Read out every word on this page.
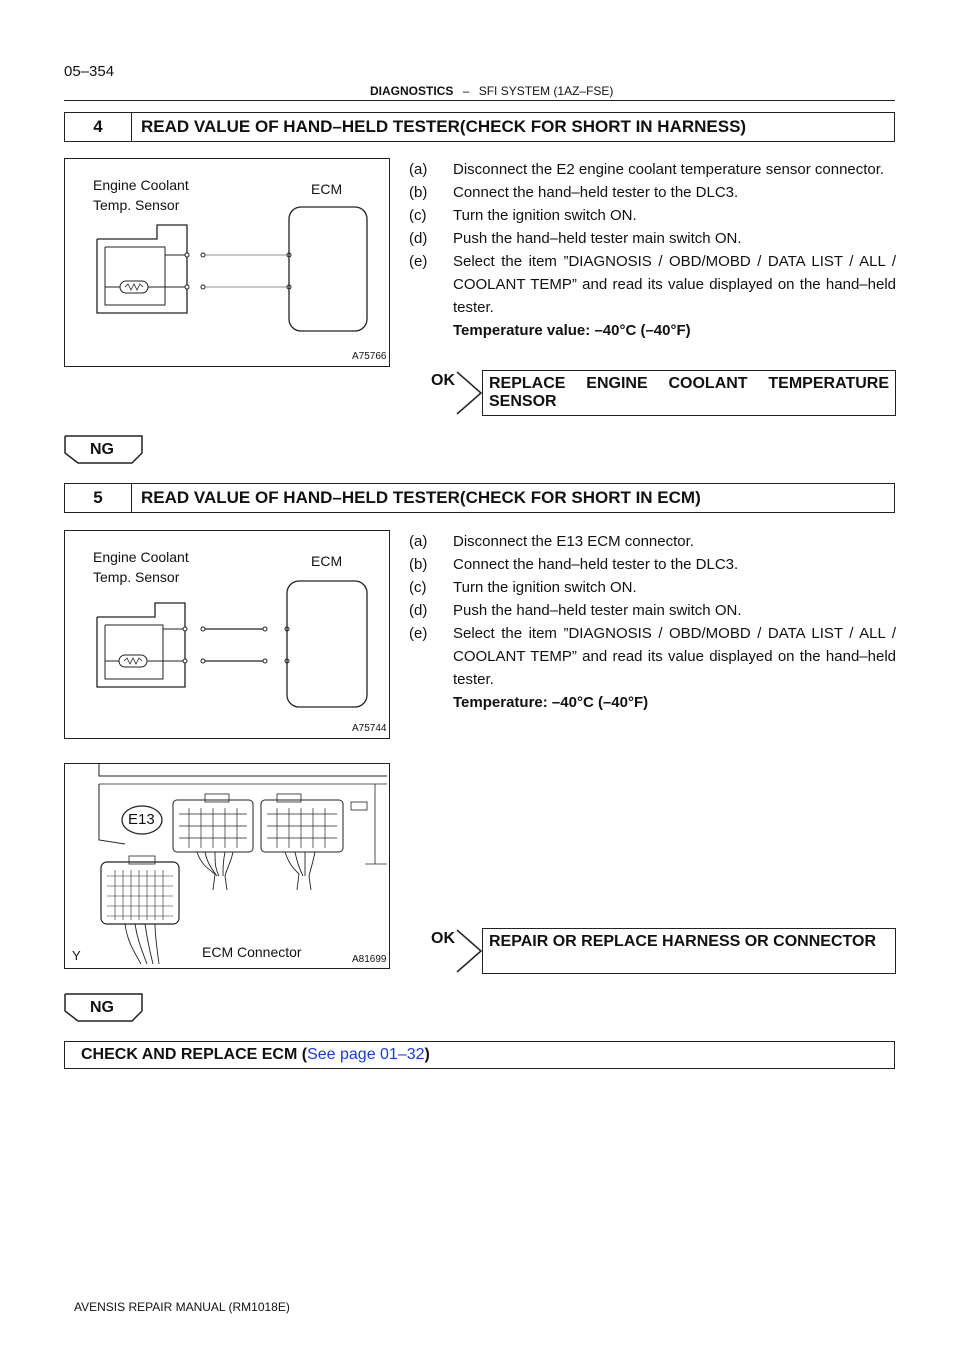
05–354
DIAGNOSTICS – SFI SYSTEM (1AZ–FSE)
4	READ VALUE OF HAND–HELD TESTER(CHECK FOR SHORT IN HARNESS)
Engine Coolant
Temp. Sensor
ECM
A75766
(a)	Disconnect the E2 engine coolant temperature sensor connector.
(b)	Connect the hand–held tester to the DLC3.
(c)	Turn the ignition switch ON.
(d)	Push the hand–held tester main switch ON.
(e)	Select the item ”DIAGNOSIS / OBD/MOBD / DATA LIST / ALL / COOLANT TEMP” and read its value displayed on the hand–held tester.
Temperature value: –40°C (–40°F)
OK	REPLACE ENGINE COOLANT TEMPERATURE SENSOR
NG
5	READ VALUE OF HAND–HELD TESTER(CHECK FOR SHORT IN ECM)
Engine Coolant
Temp. Sensor
ECM
A75744
(a)	Disconnect the E13 ECM connector.
(b)	Connect the hand–held tester to the DLC3.
(c)	Turn the ignition switch ON.
(d)	Push the hand–held tester main switch ON.
(e)	Select the item ”DIAGNOSIS / OBD/MOBD / DATA LIST / ALL / COOLANT TEMP” and read its value displayed on the hand–held tester.
Temperature: –40°C (–40°F)
E13
ECM Connector
Y	A81699
OK	REPAIR OR REPLACE HARNESS OR CONNECTOR
NG
CHECK AND REPLACE ECM (See page 01–32)
AVENSIS REPAIR MANUAL (RM1018E)
